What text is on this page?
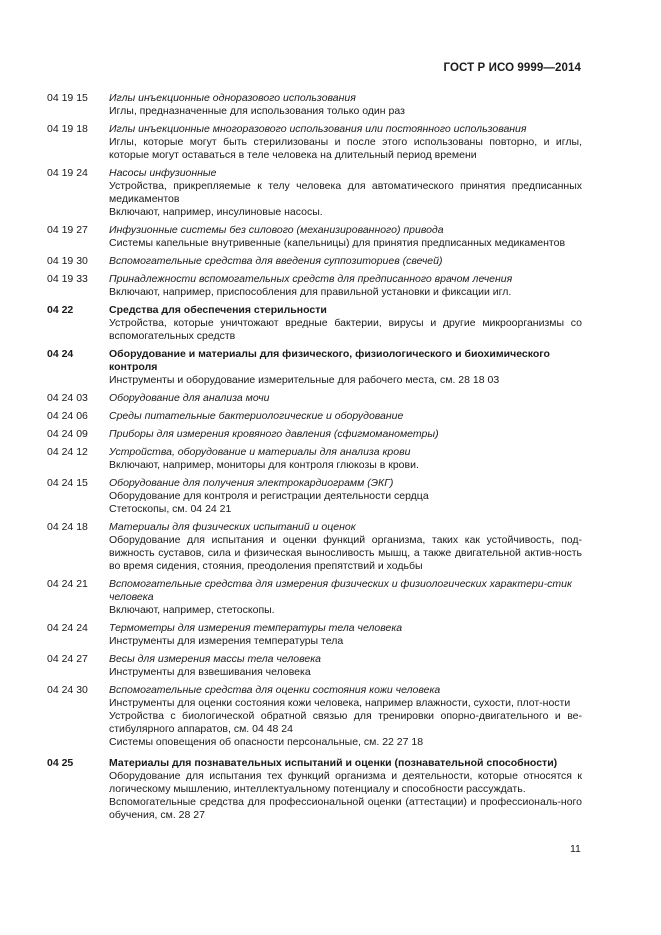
ГОСТ Р ИСО 9999—2014
04 19 15 Иглы инъекционные одноразового использования
Иглы, предназначенные для использования только один раз
04 19 18 Иглы инъекционные многоразового использования или постоянного использования
Иглы, которые могут быть стерилизованы и после этого использованы повторно, и иглы, которые могут оставаться в теле человека на длительный период времени
04 19 24 Насосы инфузионные
Устройства, прикрепляемые к телу человека для автоматического принятия предписанных медикаментов
Включают, например, инсулиновые насосы.
04 19 27 Инфузионные системы без силового (механизированного) привода
Системы капельные внутривенные (капельницы) для принятия предписанных медикаментов
04 19 30 Вспомогательные средства для введения суппозиториев (свечей)
04 19 33 Принадлежности вспомогательных средств для предписанного врачом лечения
Включают, например, приспособления для правильной установки и фиксации игл.
04 22	Средства для обеспечения стерильности
Устройства, которые уничтожают вредные бактерии, вирусы и другие микроорганизмы со вспомогательных средств
04 24	Оборудование и материалы для физического, физиологического и биохимического контроля
Инструменты и оборудование измерительные для рабочего места, см. 28 18 03
04 24 03 Оборудование для анализа мочи
04 24 06 Среды питательные бактериологические и оборудование
04 24 09 Приборы для измерения кровяного давления (сфигмоманометры)
04 24 12 Устройства, оборудование и материалы для анализа крови
Включают, например, мониторы для контроля глюкозы в крови.
04 24 15 Оборудование для получения электрокардиограмм (ЭКГ)
Оборудование для контроля и регистрации деятельности сердца
Стетоскопы, см. 04 24 21
04 24 18 Материалы для физических испытаний и оценок
Оборудование для испытания и оценки функций организма, таких как устойчивость, под-вижность суставов, сила и физическая выносливость мышц, а также двигательной актив-ность во время сидения, стояния, преодоления препятствий и ходьбы
04 24 21 Вспомогательные средства для измерения физических и физиологических характери-стик человека
Включают, например, стетоскопы.
04 24 24 Термометры для измерения температуры тела человека
Инструменты для измерения температуры тела
04 24 27 Весы для измерения массы тела человека
Инструменты для взвешивания человека
04 24 30 Вспомогательные средства для оценки состояния кожи человека
Инструменты для оценки состояния кожи человека, например влажности, сухости, плот-ности
Устройства с биологической обратной связью для тренировки опорно-двигательного и ве-стибулярного аппаратов, см. 04 48 24
Системы оповещения об опасности персональные, см. 22 27 18
04 25	Материалы для познавательных испытаний и оценки (познавательной способности)
Оборудование для испытания тех функций организма и деятельности, которые относятся к логическому мышлению, интеллектуальному потенциалу и способности рассуждать.
Вспомогательные средства для профессиональной оценки (аттестации) и профессиональ-ного обучения, см. 28 27
11
